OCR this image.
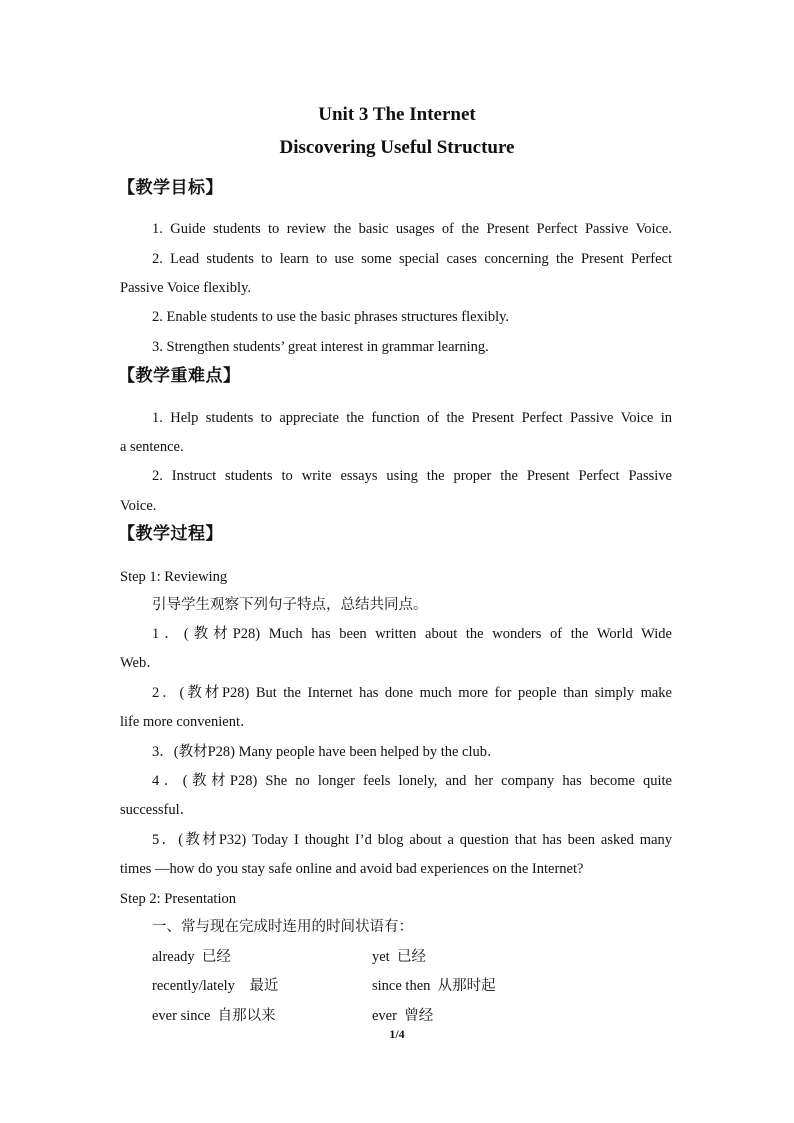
Unit 3 The Internet
Discovering Useful Structure
【教学目标】
1. Guide students to review the basic usages of the Present Perfect Passive Voice.
2. Lead students to learn to use some special cases concerning the Present Perfect
Passive Voice flexibly.
2. Enable students to use the basic phrases structures flexibly.
3. Strengthen students’ great interest in grammar learning.
【教学重难点】
1. Help students to appreciate the function of the Present Perfect Passive Voice in
a sentence.
2. Instruct students to write essays using the proper the Present Perfect Passive
Voice.
【教学过程】
Step 1: Reviewing
引导学生观察下列句子特点，总结共同点。
1．(教材P28) Much has been written about the wonders of the World Wide
Web．
2．(教材P28) But the Internet has done much more for people than simply make
life more convenient．
3．(教材P28) Many people have been helped by the club．
4．(教材P28) She no longer feels lonely, and her company has become quite
successful．
5．(教材P32) Today I thought I’d blog about a question that has been asked many
times —how do you stay safe online and avoid bad experiences on the Internet?
Step 2: Presentation
一、常与现在完成时连用的时间状语有：
already 已经	yet 已经
recently/lately 最近	since then 从那时起
ever since 自那以来	ever 曾经
1/4
